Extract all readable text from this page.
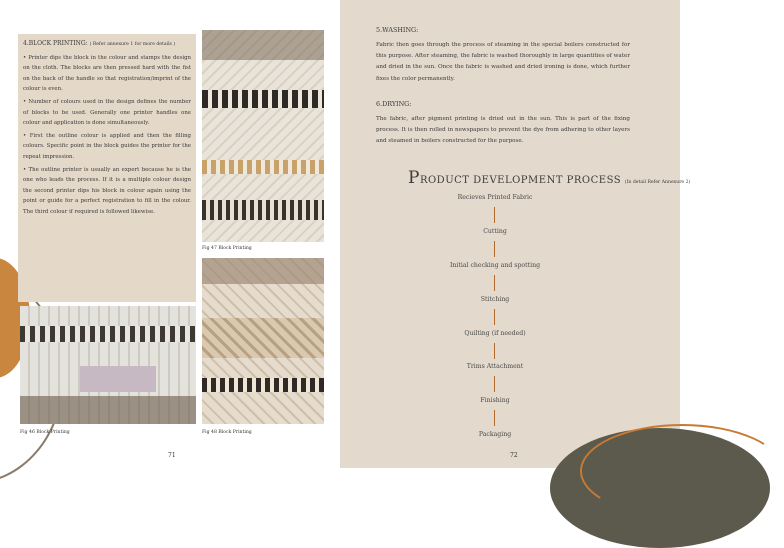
4.BLOCK PRINTING: ( Refer annexure 1 for more details )

• Printer dips the block in the colour and stamps the design on the cloth. The blocks are then pressed hard with the fist on the back of the handle so that registration/imprint of the colour is even.

• Number of colours used in the design defines the number of blocks to be used. Generally one printer handles one colour and application is done simultaneously.

• First the outline colour is applied and then the filling colours. Specific point in the block guides the printer for the repeat impression.

• The outline printer is usually an expert because he is the one who leads the process. If it is a multiple colour design the second printer dips his block in colour again using the point or guide for a perfect registration to fill in the colour. The third colour if required is followed likewise.

Fig 47 Block Printing
Fig 46 Block Printing	Fig 48 Block Printing
71
5.WASHING:
Fabric then goes through the process of steaming in the special boilers constructed for this purpose. After steaming, the fabric is washed thoroughly in large quantities of water and dried in the sun. Once the fabric is washed and dried ironing is done, which further fixes the color permanently.
6.DRYING:
The fabric, after pigment printing is dried out in the sun. This is part of the fixing process. It is then rolled in newspapers to prevent the dye from adhering to other layers and steamed in boilers constructed for the purpose.
PRODUCT DEVELOPMENT PROCESS (In detail Refer Annexure 2)
Recieves Printed Fabric
Cutting
Initial checking and spotting
Stitching
Quilting (if needed)
Trims Attachment
Finishing
Packaging
72
